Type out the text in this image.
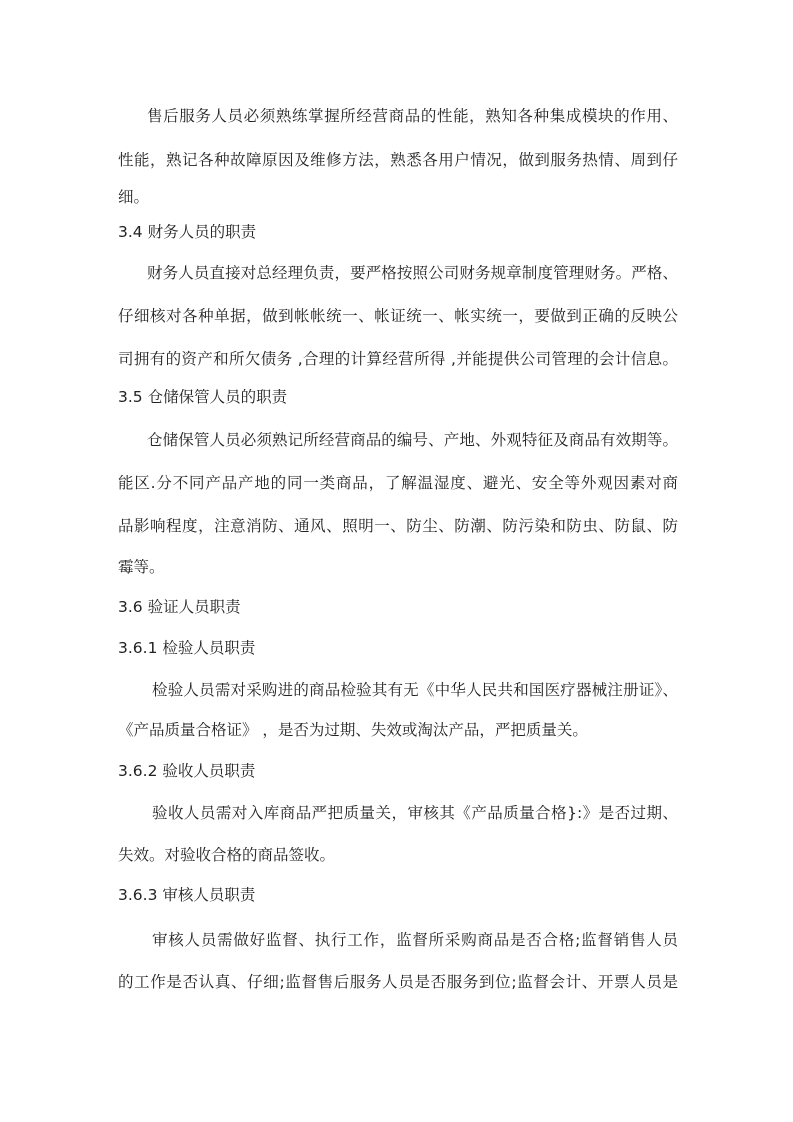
售后服务人员必须熟练掌握所经营商品的性能，熟知各种集成模块的作用、
性能，熟记各种故障原因及维修方法，熟悉各用户情况，做到服务热情、周到仔
细。
3.4 财务人员的职责
财务人员直接对总经理负责，要严格按照公司财务规章制度管理财务。严格、
仔细核对各种单据，做到帐帐统一、帐证统一、帐实统一，要做到正确的反映公
司拥有的资产和所欠债务 ,合理的计算经营所得 ,并能提供公司管理的会计信息。
3.5 仓储保管人员的职责
仓储保管人员必须熟记所经营商品的编号、产地、外观特征及商品有效期等。
能区.分不同产品产地的同一类商品，了解温湿度、避光、安全等外观因素对商
品影响程度，注意消防、通风、照明一、防尘、防潮、防污染和防虫、防鼠、防
霉等。
3.6 验证人员职责
3.6.1 检验人员职责
检验人员需对采购进的商品检验其有无《中华人民共和国医疗器械注册证》、
《产品质量合格证》 ，是否为过期、失效或淘汰产品，严把质量关。
3.6.2 验收人员职责
验收人员需对入库商品严把质量关，审核其《产品质量合格}:》是否过期、
失效。对验收合格的商品签收。
3.6.3 审核人员职责
审核人员需做好监督、执行工作，监督所采购商品是否合格;监督销售人员
的工作是否认真、仔细;监督售后服务人员是否服务到位;监督会计、开票人员是
